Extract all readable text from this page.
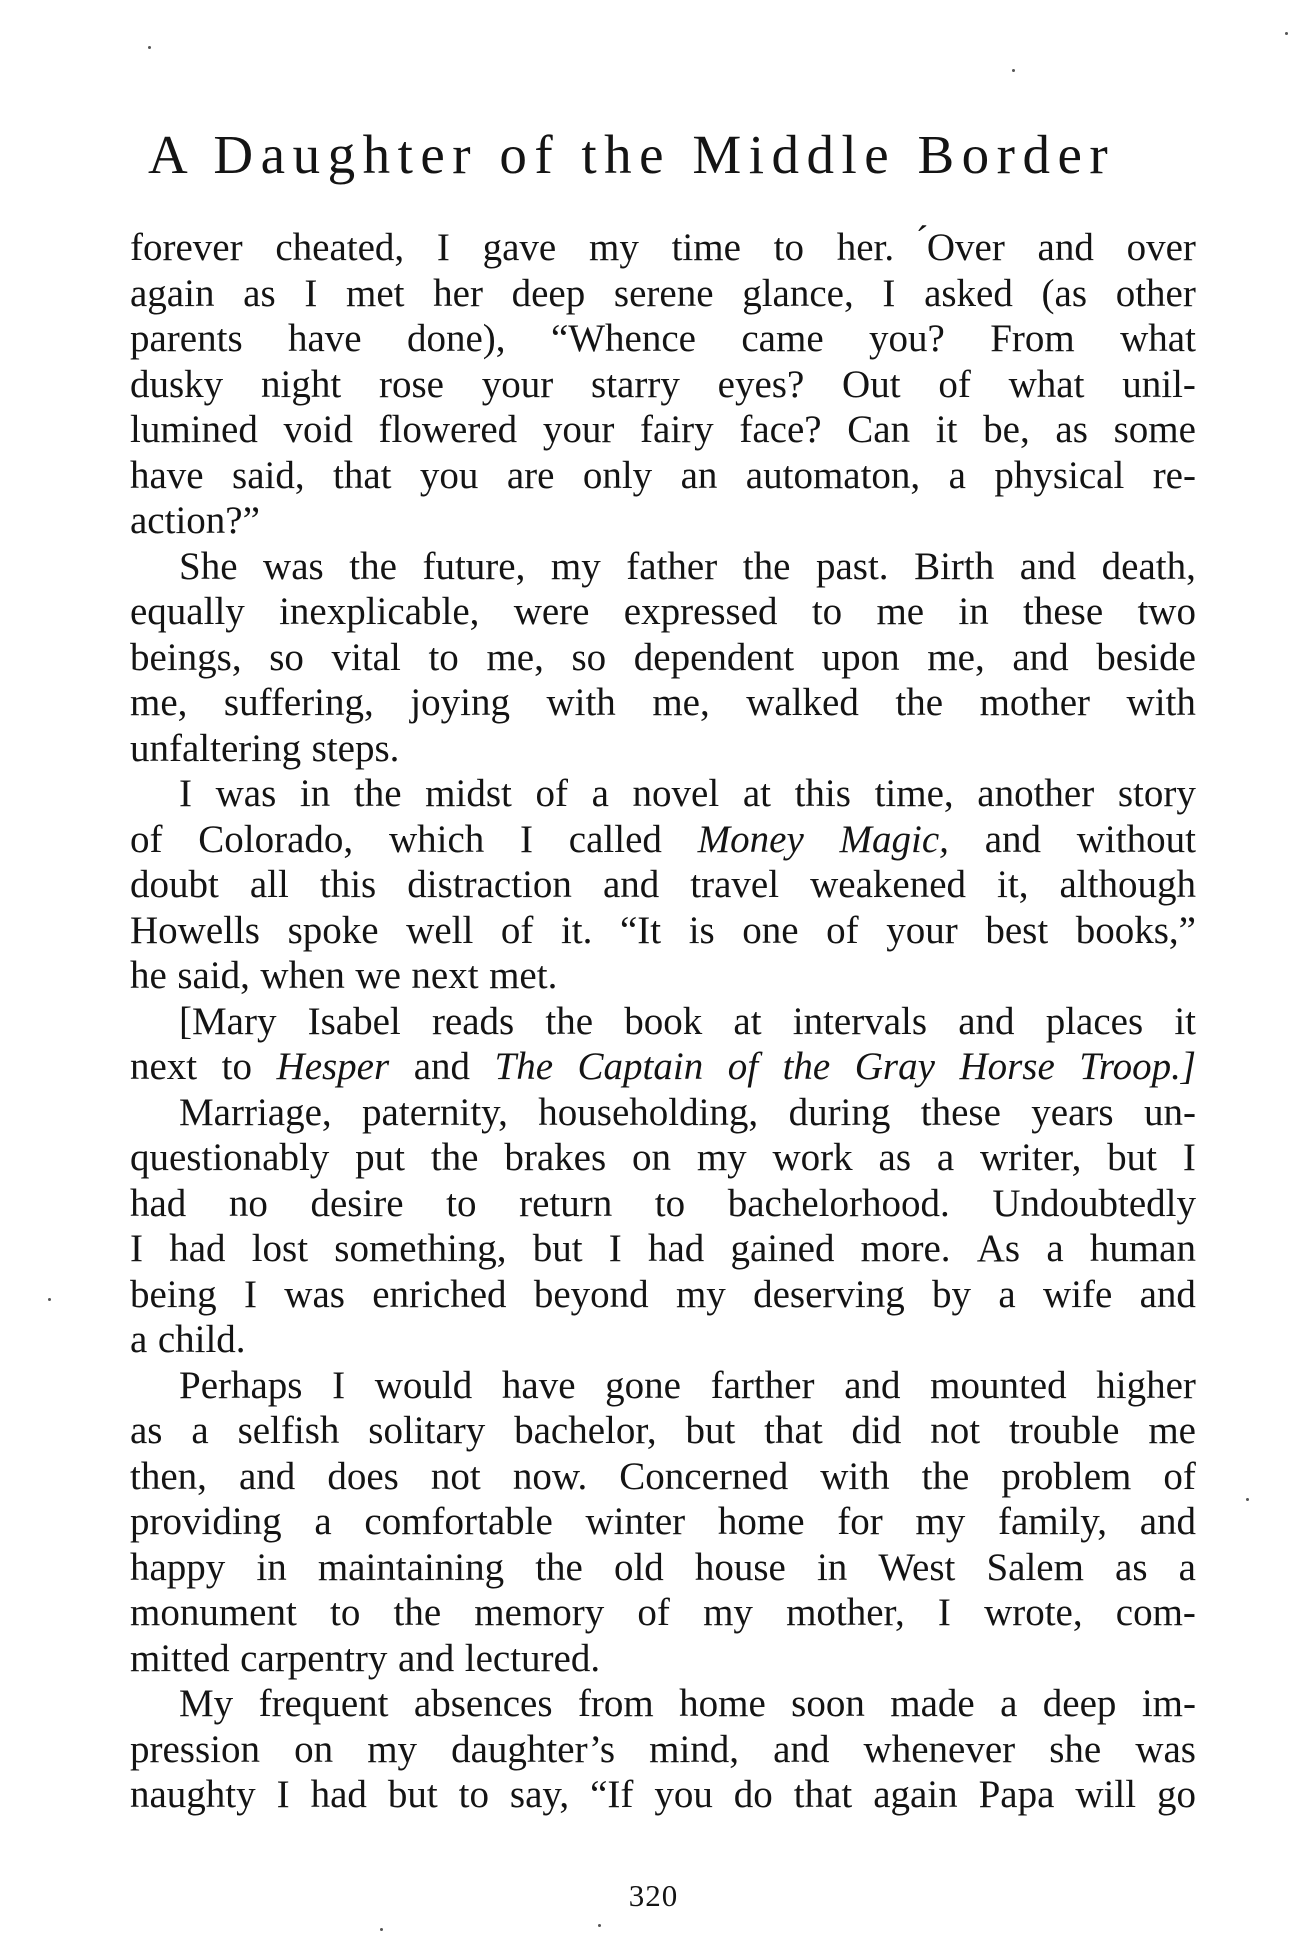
A Daughter of the Middle Border
forever cheated, I gave my time to her. ́Over and over
again as I met her deep serene glance, I asked (as other
parents have done), “Whence came you? From what
dusky night rose your starry eyes? Out of what unil-
lumined void flowered your fairy face? Can it be, as some
have said, that you are only an automaton, a physical re-
action?”
She was the future, my father the past. Birth and death,
equally inexplicable, were expressed to me in these two
beings, so vital to me, so dependent upon me, and beside
me, suffering, joying with me, walked the mother with
unfaltering steps.
I was in the midst of a novel at this time, another story
of Colorado, which I called Money Magic, and without
doubt all this distraction and travel weakened it, although
Howells spoke well of it. “It is one of your best books,”
he said, when we next met.
[Mary Isabel reads the book at intervals and places it
next to Hesper and The Captain of the Gray Horse Troop.]
Marriage, paternity, householding, during these years un-
questionably put the brakes on my work as a writer, but I
had no desire to return to bachelorhood. Undoubtedly
I had lost something, but I had gained more. As a human
being I was enriched beyond my deserving by a wife and
a child.
Perhaps I would have gone farther and mounted higher
as a selfish solitary bachelor, but that did not trouble me
then, and does not now. Concerned with the problem of
providing a comfortable winter home for my family, and
happy in maintaining the old house in West Salem as a
monument to the memory of my mother, I wrote, com-
mitted carpentry and lectured.
My frequent absences from home soon made a deep im-
pression on my daughter’s mind, and whenever she was
naughty I had but to say, “If you do that again Papa will go

320
